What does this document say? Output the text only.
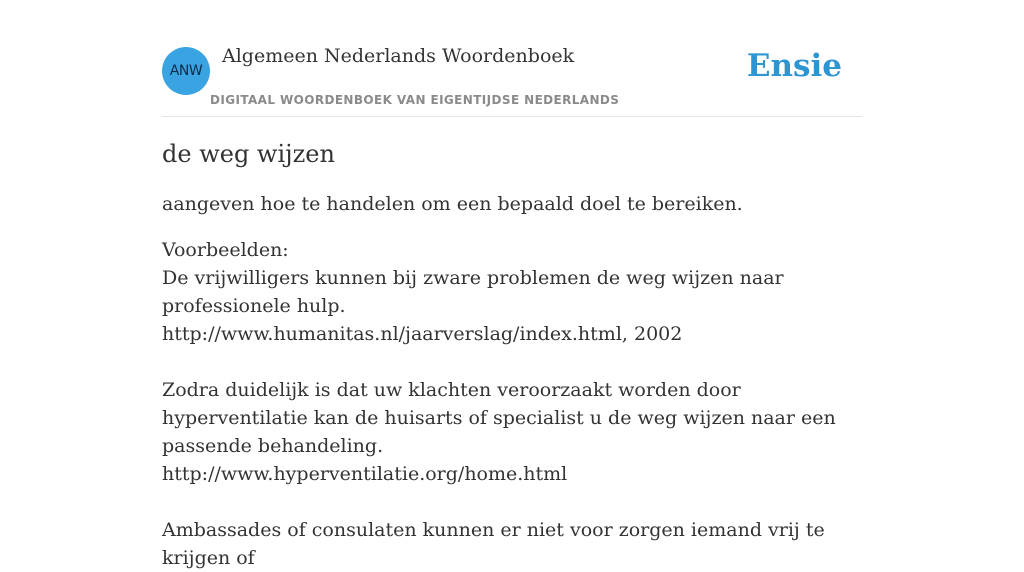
ANW
Algemeen Nederlands Woordenboek
DIGITAAL WOORDENBOEK VAN EIGENTIJDSE NEDERLANDS
Ensie
de weg wijzen

aangeven hoe te handelen om een bepaald doel te bereiken.

Voorbeelden:
De vrijwilligers kunnen bij zware problemen de weg wijzen naar professionele hulp.
http://www.humanitas.nl/jaarverslag/index.html, 2002
Zodra duidelijk is dat uw klachten veroorzaakt worden door hyperventilatie kan de huisarts of specialist u de weg wijzen naar een passende behandeling.
http://www.hyperventilatie.org/home.html
Ambassades of consulaten kunnen er niet voor zorgen iemand vrij te krijgen of
